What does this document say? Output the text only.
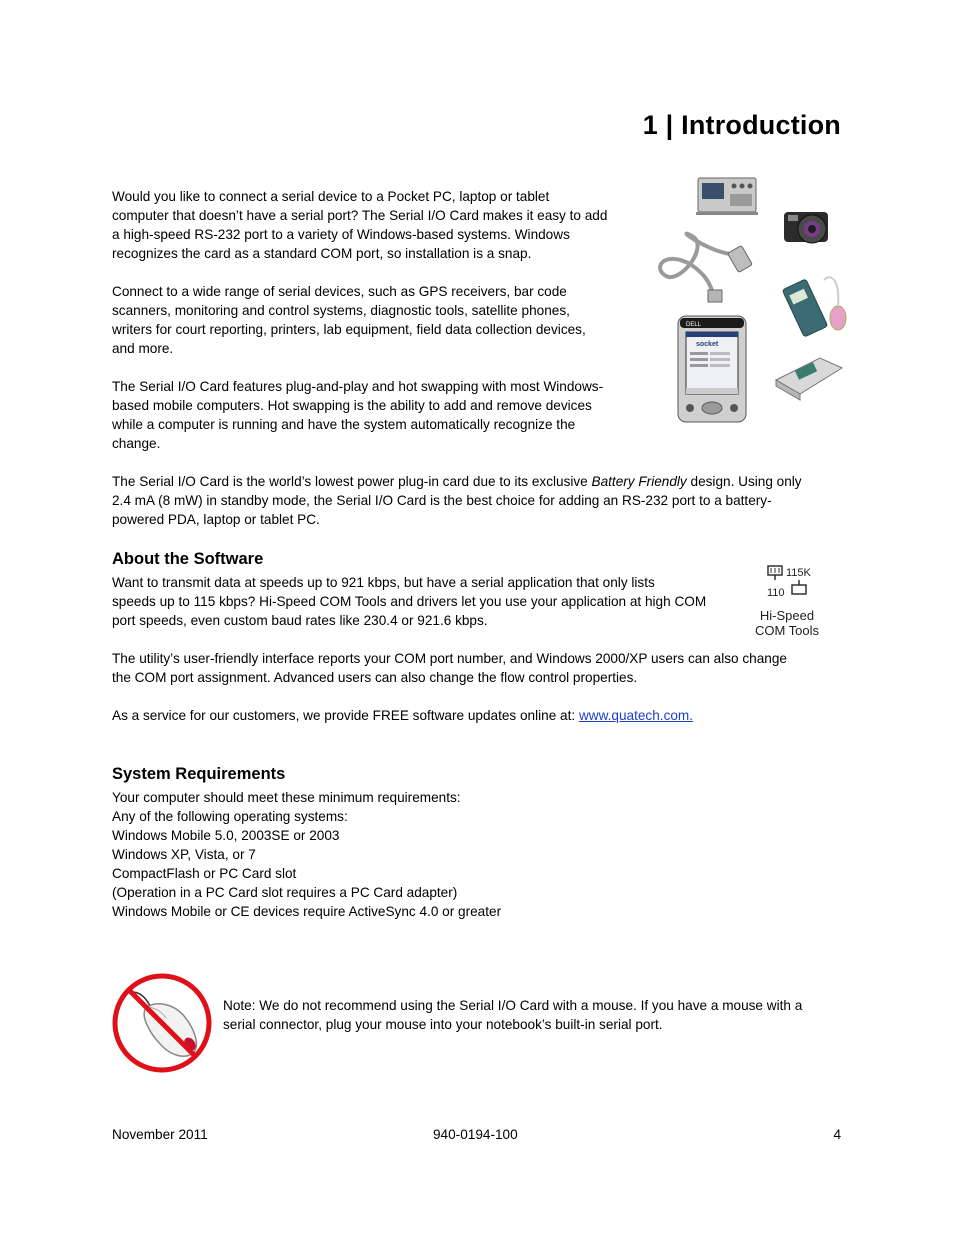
1 | Introduction
Would you like to connect a serial device to a Pocket PC, laptop or tablet
computer that doesn’t have a serial port? The Serial I/O Card makes it easy to add
a high-speed RS-232 port to a variety of Windows-based systems. Windows
recognizes the card as a standard COM port, so installation is a snap.
Connect to a wide range of serial devices, such as GPS receivers, bar code
scanners, monitoring and control systems, diagnostic tools, satellite phones,
writers for court reporting, printers, lab equipment, field data collection devices,
and more.
The Serial I/O Card features plug-and-play and hot swapping with most Windows-
based mobile computers. Hot swapping is the ability to add and remove devices
while a computer is running and have the system automatically recognize the
change.
DELL
socket
The Serial I/O Card is the world’s lowest power plug-in card due to its exclusive Battery Friendly design. Using only
2.4 mA (8 mW) in standby mode, the Serial I/O Card is the best choice for adding an RS-232 port to a battery-
powered PDA, laptop or tablet PC.
About the Software
Want to transmit data at speeds up to 921 kbps, but have a serial application that only lists
speeds up to 115 kbps? Hi-Speed COM Tools and drivers let you use your application at high COM
port speeds, even custom baud rates like 230.4 or 921.6 kbps.
115K
110
Hi-Speed
COM Tools
The utility’s user-friendly interface reports your COM port number, and Windows 2000/XP users can also change
the COM port assignment. Advanced users can also change the flow control properties.
As a service for our customers, we provide FREE software updates online at: www.quatech.com.
System Requirements
Your computer should meet these minimum requirements:
Any of the following operating systems:
Windows Mobile 5.0, 2003SE or 2003
Windows XP, Vista, or 7
CompactFlash or PC Card slot
(Operation in a PC Card slot requires a PC Card adapter)
Windows Mobile or CE devices require ActiveSync 4.0 or greater
Note: We do not recommend using the Serial I/O Card with a mouse. If you have a mouse with a
serial connector, plug your mouse into your notebook’s built-in serial port.
November 2011	940-0194-100	4
